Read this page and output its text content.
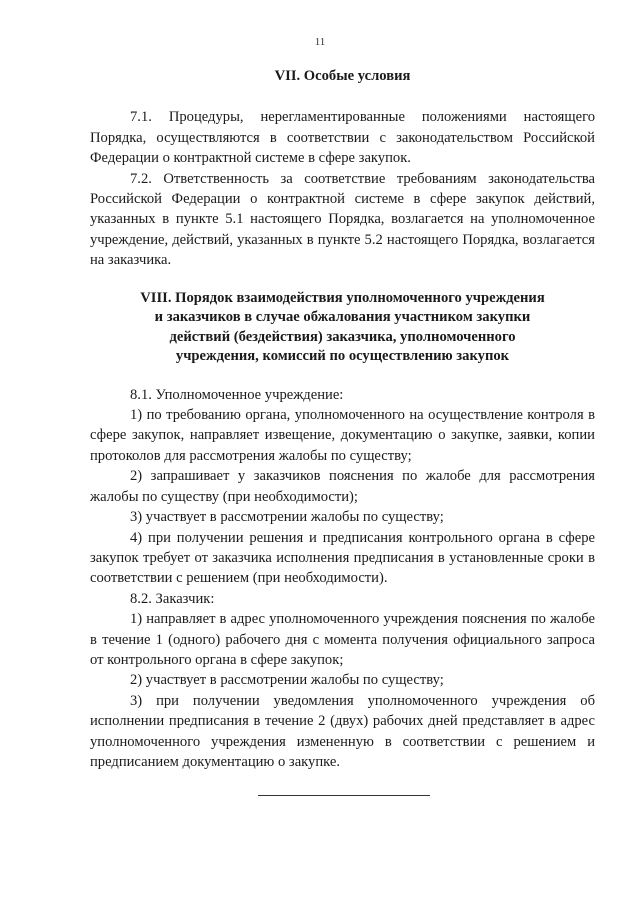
11
VII. Особые условия

7.1. Процедуры, нерегламентированные положениями настоящего Порядка, осуществляются в соответствии с законодательством Российской Федерации о контрактной системе в сфере закупок.

7.2. Ответственность за соответствие требованиям законодательства Российской Федерации о контрактной системе в сфере закупок действий, указанных в пункте 5.1 настоящего Порядка, возлагается на уполномоченное учреждение, действий, указанных в пункте 5.2 настоящего Порядка, возлагается на заказчика.

VIII. Порядок взаимодействия уполномоченного учреждения
и заказчиков в случае обжалования участником закупки
действий (бездействия) заказчика, уполномоченного
учреждения, комиссий по осуществлению закупок

8.1. Уполномоченное учреждение:

1) по требованию органа, уполномоченного на осуществление контроля в сфере закупок, направляет извещение, документацию о закупке, заявки, копии протоколов для рассмотрения жалобы по существу;

2) запрашивает у заказчиков пояснения по жалобе для рассмотрения жалобы по существу (при необходимости);

3) участвует в рассмотрении жалобы по существу;

4) при получении решения и предписания контрольного органа в сфере закупок требует от заказчика исполнения предписания в установленные сроки в соответствии с решением (при необходимости).

8.2. Заказчик:

1) направляет в адрес уполномоченного учреждения пояснения по жалобе в течение 1 (одного) рабочего дня с момента получения официального запроса от контрольного органа в сфере закупок;

2) участвует в рассмотрении жалобы по существу;

3) при получении уведомления уполномоченного учреждения об исполнении предписания в течение 2 (двух) рабочих дней представляет в адрес уполномоченного учреждения измененную в соответствии с решением и предписанием документацию о закупке.
